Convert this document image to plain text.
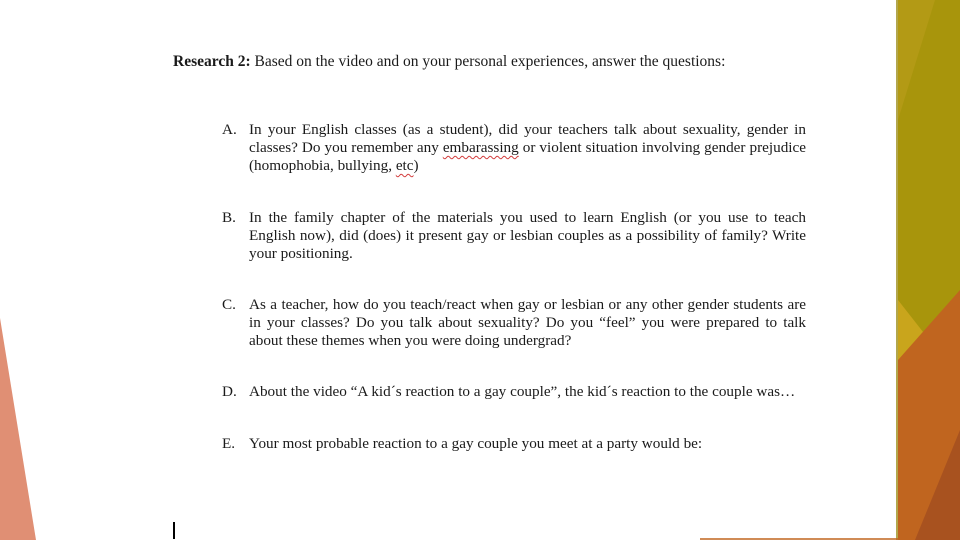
Research 2: Based on the video and on your personal experiences, answer the questions:
A. In your English classes (as a student), did your teachers talk about sexuality, gender in classes? Do you remember any embarassing or violent situation involving gender prejudice (homophobia, bullying, etc)
B. In the family chapter of the materials you used to learn English (or you use to teach English now), did (does) it present gay or lesbian couples as a possibility of family? Write your positioning.
C. As a teacher, how do you teach/react when gay or lesbian or any other gender students are in your classes? Do you talk about sexuality? Do you “feel” you were prepared to talk about these themes when you were doing undergrad?
D. About the video “A kid´s reaction to a gay couple”, the kid´s reaction to the couple was…
E. Your most probable reaction to a gay couple you meet at a party would be:
